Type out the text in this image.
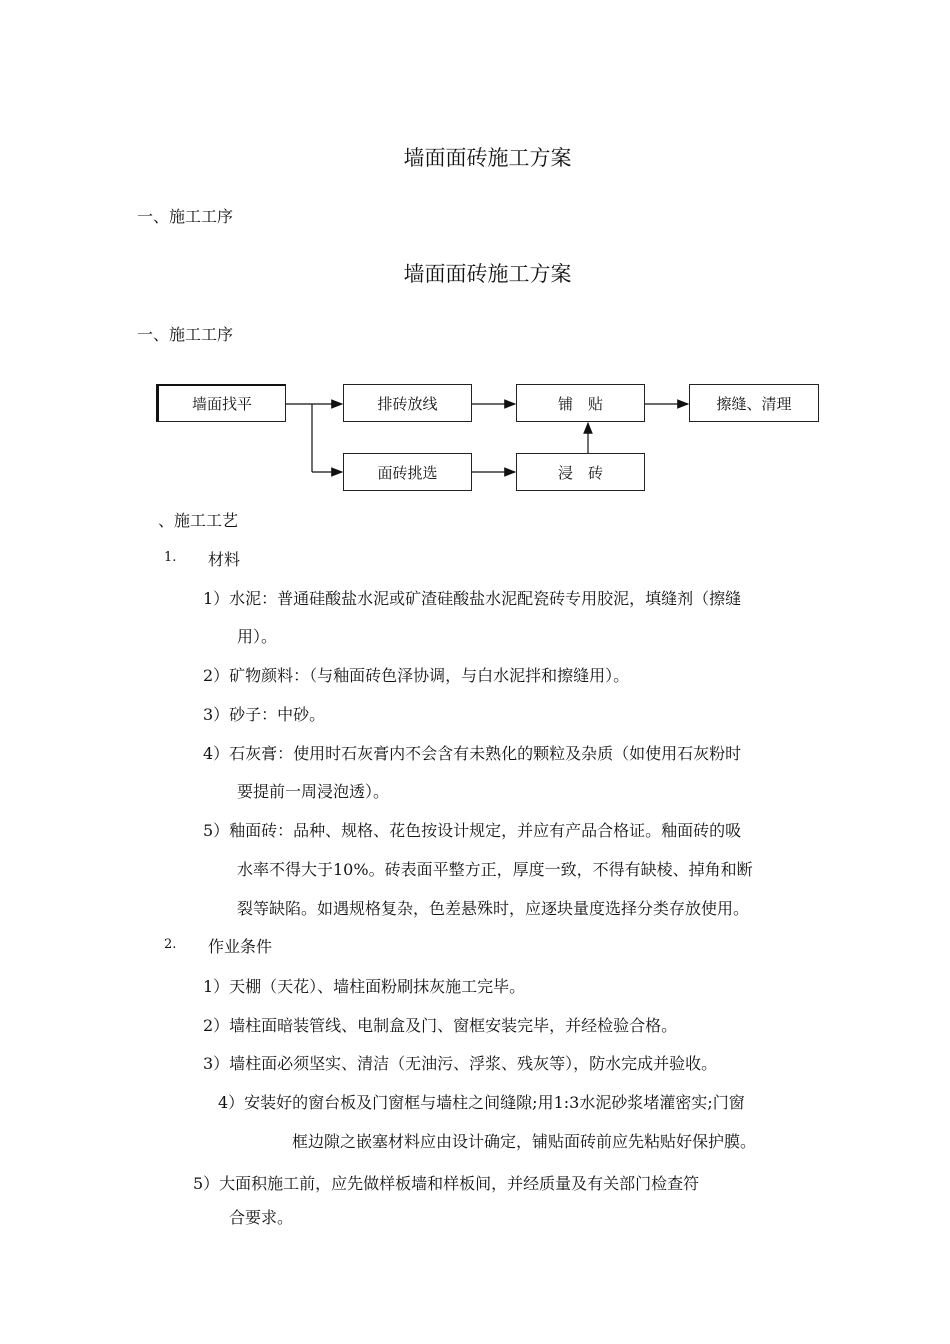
墙面面砖施工方案
一、施工工序
墙面面砖施工方案
一、施工工序
墙面找平	排砖放线	铺　贴	擦缝、清理
面砖挑选	浸　砖
、施工工艺
1. 材料
1）水泥：普通硅酸盐水泥或矿渣硅酸盐水泥配瓷砖专用胶泥，填缝剂（擦缝
用）。
2）矿物颜料：（与釉面砖色泽协调，与白水泥拌和擦缝用）。
3）砂子：中砂。
4）石灰膏：使用时石灰膏内不会含有未熟化的颗粒及杂质（如使用石灰粉时
要提前一周浸泡透）。
5）釉面砖：品种、规格、花色按设计规定，并应有产品合格证。釉面砖的吸
水率不得大于10%。砖表面平整方正，厚度一致，不得有缺棱、掉角和断
裂等缺陷。如遇规格复杂，色差悬殊时，应逐块量度选择分类存放使用。
2. 作业条件
1）天棚（天花）、墙柱面粉刷抹灰施工完毕。
2）墙柱面暗装管线、电制盒及门、窗框安装完毕，并经检验合格。
3）墙柱面必须坚实、清洁（无油污、浮浆、残灰等），防水完成并验收。
4）安装好的窗台板及门窗框与墙柱之间缝隙;用1:3水泥砂浆堵灌密实;门窗
框边隙之嵌塞材料应由设计确定，铺贴面砖前应先粘贴好保护膜。
5）大面积施工前，应先做样板墙和样板间，并经质量及有关部门检查符
合要求。
